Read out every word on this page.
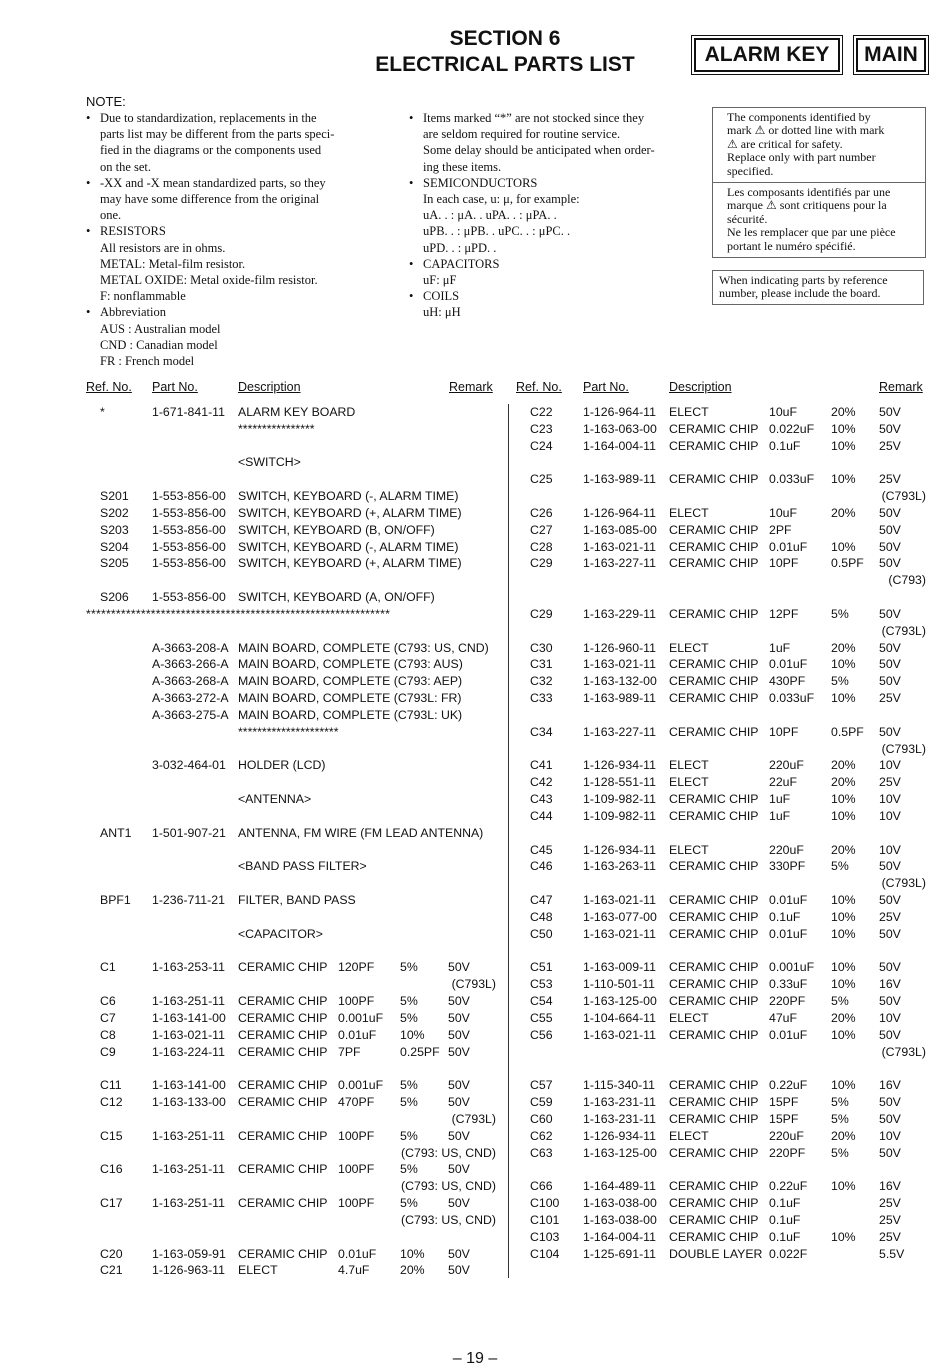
SECTION 6
ELECTRICAL PARTS LIST	ALARM KEY	MAIN
NOTE:
• Due to standardization, replacements in the
parts list may be different from the parts speci-
fied in the diagrams or the components used
on the set.
• -XX and -X mean standardized parts, so they
may have some difference from the original
one.
• RESISTORS
All resistors are in ohms.
METAL: Metal-film resistor.
METAL OXIDE: Metal oxide-film resistor.
F: nonflammable
• Abbreviation
AUS : Australian model
CND : Canadian model
FR : French model
• Items marked “*” are not stocked since they
are seldom required for routine service.
Some delay should be anticipated when order-
ing these items.
• SEMICONDUCTORS
In each case, u: μ, for example:
uA. . : μA. . uPA. . : μPA. .
uPB. . : μPB. . uPC. . : μPC. .
uPD. . : μPD. .
• CAPACITORS
uF: μF
• COILS
uH: μH
The components identified by
mark ⚠ or dotted line with mark
⚠ are critical for safety.
Replace only with part number
specified.
Les composants identifiés par une
marque ⚠ sont critiquens pour la
sécurité.
Ne les remplacer que par une pièce
portant le numéro spécifié.
When indicating parts by reference
number, please include the board.
Ref. No. Part No.	Description	Remark Ref. No. Part No.	Description	Remark
*	1-671-841-11 ALARM KEY BOARD
****************
<SWITCH>
S201 1-553-856-00 SWITCH, KEYBOARD (-, ALARM TIME)
S202 1-553-856-00 SWITCH, KEYBOARD (+, ALARM TIME)
S203 1-553-856-00 SWITCH, KEYBOARD (B, ON/OFF)
S204 1-553-856-00 SWITCH, KEYBOARD (-, ALARM TIME)
S205 1-553-856-00 SWITCH, KEYBOARD (+, ALARM TIME)
S206 1-553-856-00 SWITCH, KEYBOARD (A, ON/OFF)
*************************************************************
A-3663-208-A MAIN BOARD, COMPLETE (C793: US, CND)
A-3663-266-A MAIN BOARD, COMPLETE (C793: AUS)
A-3663-268-A MAIN BOARD, COMPLETE (C793: AEP)
A-3663-272-A MAIN BOARD, COMPLETE (C793L: FR)
A-3663-275-A MAIN BOARD, COMPLETE (C793L: UK)
*********************
3-032-464-01 HOLDER (LCD)
<ANTENNA>
ANT1 1-501-907-21 ANTENNA, FM WIRE (FM LEAD ANTENNA)
<BAND PASS FILTER>
BPF1 1-236-711-21 FILTER, BAND PASS
<CAPACITOR>
C1	1-163-253-11 CERAMIC CHIP 120PF 5% 50V
(C793L)
C6	1-163-251-11 CERAMIC CHIP 100PF 5% 50V
C7	1-163-141-00 CERAMIC CHIP 0.001uF 5% 50V
C8	1-163-021-11 CERAMIC CHIP 0.01uF 10% 50V
C9	1-163-224-11 CERAMIC CHIP 7PF	0.25PF 50V
C11 1-163-141-00 CERAMIC CHIP 0.001uF 5% 50V
C12 1-163-133-00 CERAMIC CHIP 470PF 5% 50V
(C793L)
C15 1-163-251-11 CERAMIC CHIP 100PF 5% 50V
(C793: US, CND)
C16 1-163-251-11 CERAMIC CHIP 100PF 5% 50V
(C793: US, CND)
C17 1-163-251-11 CERAMIC CHIP 100PF 5% 50V
(C793: US, CND)
C20 1-163-059-91 CERAMIC CHIP 0.01uF 10% 50V
C21 1-126-963-11 ELECT	4.7uF 20% 50V
C22 1-126-964-11 ELECT	10uF	20% 50V
C23 1-163-063-00 CERAMIC CHIP 0.022uF 10% 50V
C24 1-164-004-11 CERAMIC CHIP 0.1uF 10% 25V
C25 1-163-989-11 CERAMIC CHIP 0.033uF 10% 25V
(C793L)
C26 1-126-964-11 ELECT	10uF	20% 50V
C27 1-163-085-00 CERAMIC CHIP 2PF	50V
C28 1-163-021-11 CERAMIC CHIP 0.01uF 10% 50V
C29 1-163-227-11 CERAMIC CHIP 10PF	0.5PF 50V
(C793)
C29 1-163-229-11 CERAMIC CHIP 12PF	5% 50V
(C793L)
C30 1-126-960-11 ELECT	1uF	20% 50V
C31 1-163-021-11 CERAMIC CHIP 0.01uF 10% 50V
C32 1-163-132-00 CERAMIC CHIP 430PF 5% 50V
C33 1-163-989-11 CERAMIC CHIP 0.033uF 10% 25V
C34 1-163-227-11 CERAMIC CHIP 10PF	0.5PF 50V
(C793L)
C41 1-126-934-11 ELECT	220uF 20% 10V
C42 1-128-551-11 ELECT	22uF	20% 25V
C43 1-109-982-11 CERAMIC CHIP 1uF	10% 10V
C44 1-109-982-11 CERAMIC CHIP 1uF	10% 10V
C45 1-126-934-11 ELECT	220uF 20% 10V
C46 1-163-263-11 CERAMIC CHIP 330PF 5% 50V
(C793L)
C47 1-163-021-11 CERAMIC CHIP 0.01uF 10% 50V
C48 1-163-077-00 CERAMIC CHIP 0.1uF 10% 25V
C50 1-163-021-11 CERAMIC CHIP 0.01uF 10% 50V
C51 1-163-009-11 CERAMIC CHIP 0.001uF 10% 50V
C53 1-110-501-11 CERAMIC CHIP 0.33uF 10% 16V
C54 1-163-125-00 CERAMIC CHIP 220PF 5% 50V
C55 1-104-664-11 ELECT	47uF	20% 10V
C56 1-163-021-11 CERAMIC CHIP 0.01uF 10% 50V
(C793L)
C57 1-115-340-11 CERAMIC CHIP 0.22uF 10% 16V
C59 1-163-231-11 CERAMIC CHIP 15PF	5% 50V
C60 1-163-231-11 CERAMIC CHIP 15PF	5% 50V
C62 1-126-934-11 ELECT	220uF 20% 10V
C63 1-163-125-00 CERAMIC CHIP 220PF 5% 50V
C66 1-164-489-11 CERAMIC CHIP 0.22uF 10% 16V
C100 1-163-038-00 CERAMIC CHIP 0.1uF	25V
C101 1-163-038-00 CERAMIC CHIP 0.1uF	25V
C103 1-164-004-11 CERAMIC CHIP 0.1uF 10% 25V
C104 1-125-691-11 DOUBLE LAYER 0.022F	5.5V
– 19 –
